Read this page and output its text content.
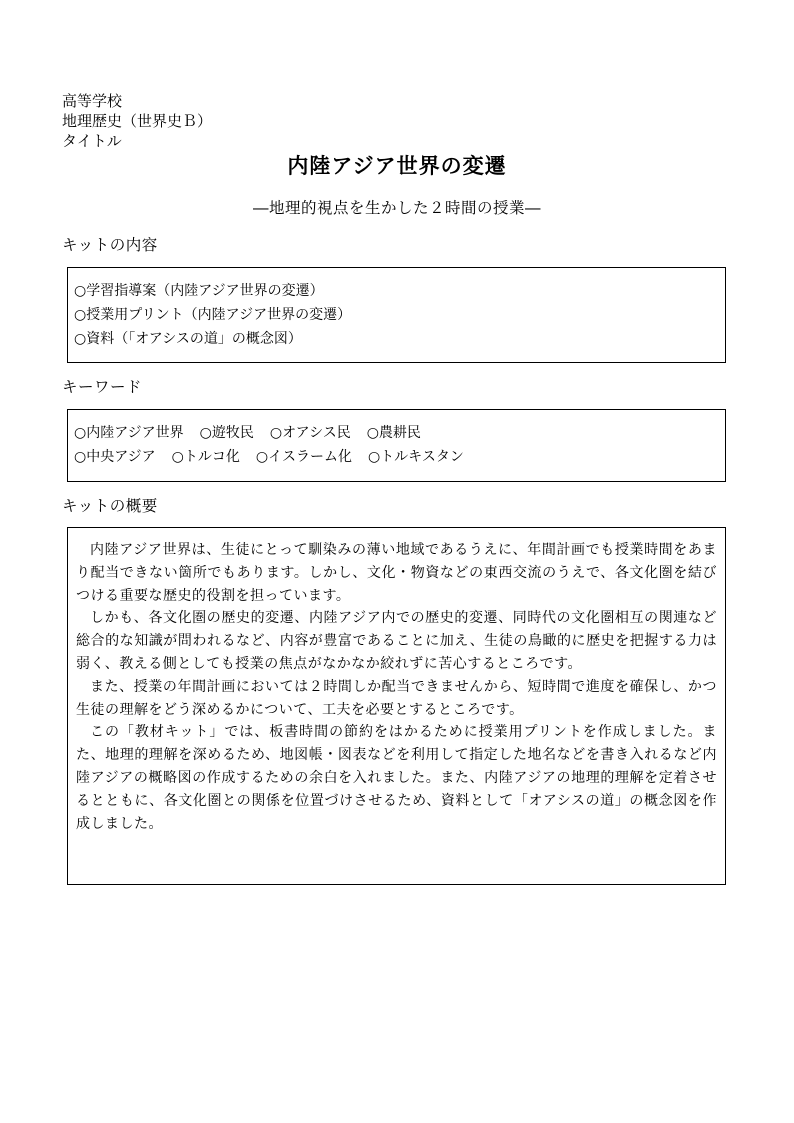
高等学校
地理歴史（世界史Ｂ）
タイトル
内陸アジア世界の変遷
―地理的視点を生かした２時間の授業―
キットの内容
○学習指導案（内陸アジア世界の変遷）
○授業用プリント（内陸アジア世界の変遷）
○資料（「オアシスの道」の概念図）
キーワード
○内陸アジア世界 ○遊牧民 ○オアシス民 ○農耕民
○中央アジア ○トルコ化 ○イスラーム化 ○トルキスタン
キットの概要

内陸アジア世界は、生徒にとって馴染みの薄い地域であるうえに、年間計画でも授業時間をあまり配当できない箇所でもあります。しかし、文化・物資などの東西交流のうえで、各文化圏を結びつける重要な歴史的役割を担っています。

しかも、各文化圏の歴史的変遷、内陸アジア内での歴史的変遷、同時代の文化圏相互の関連など総合的な知識が問われるなど、内容が豊富であることに加え、生徒の鳥瞰的に歴史を把握する力は弱く、教える側としても授業の焦点がなかなか絞れずに苦心するところです。

また、授業の年間計画においては２時間しか配当できませんから、短時間で進度を確保し、かつ生徒の理解をどう深めるかについて、工夫を必要とするところです。

この「教材キット」では、板書時間の節約をはかるために授業用プリントを作成しました。また、地理的理解を深めるため、地図帳・図表などを利用して指定した地名などを書き入れるなど内陸アジアの概略図の作成するための余白を入れました。また、内陸アジアの地理的理解を定着させるとともに、各文化圏との関係を位置づけさせるため、資料として「オアシスの道」の概念図を作成しました。
